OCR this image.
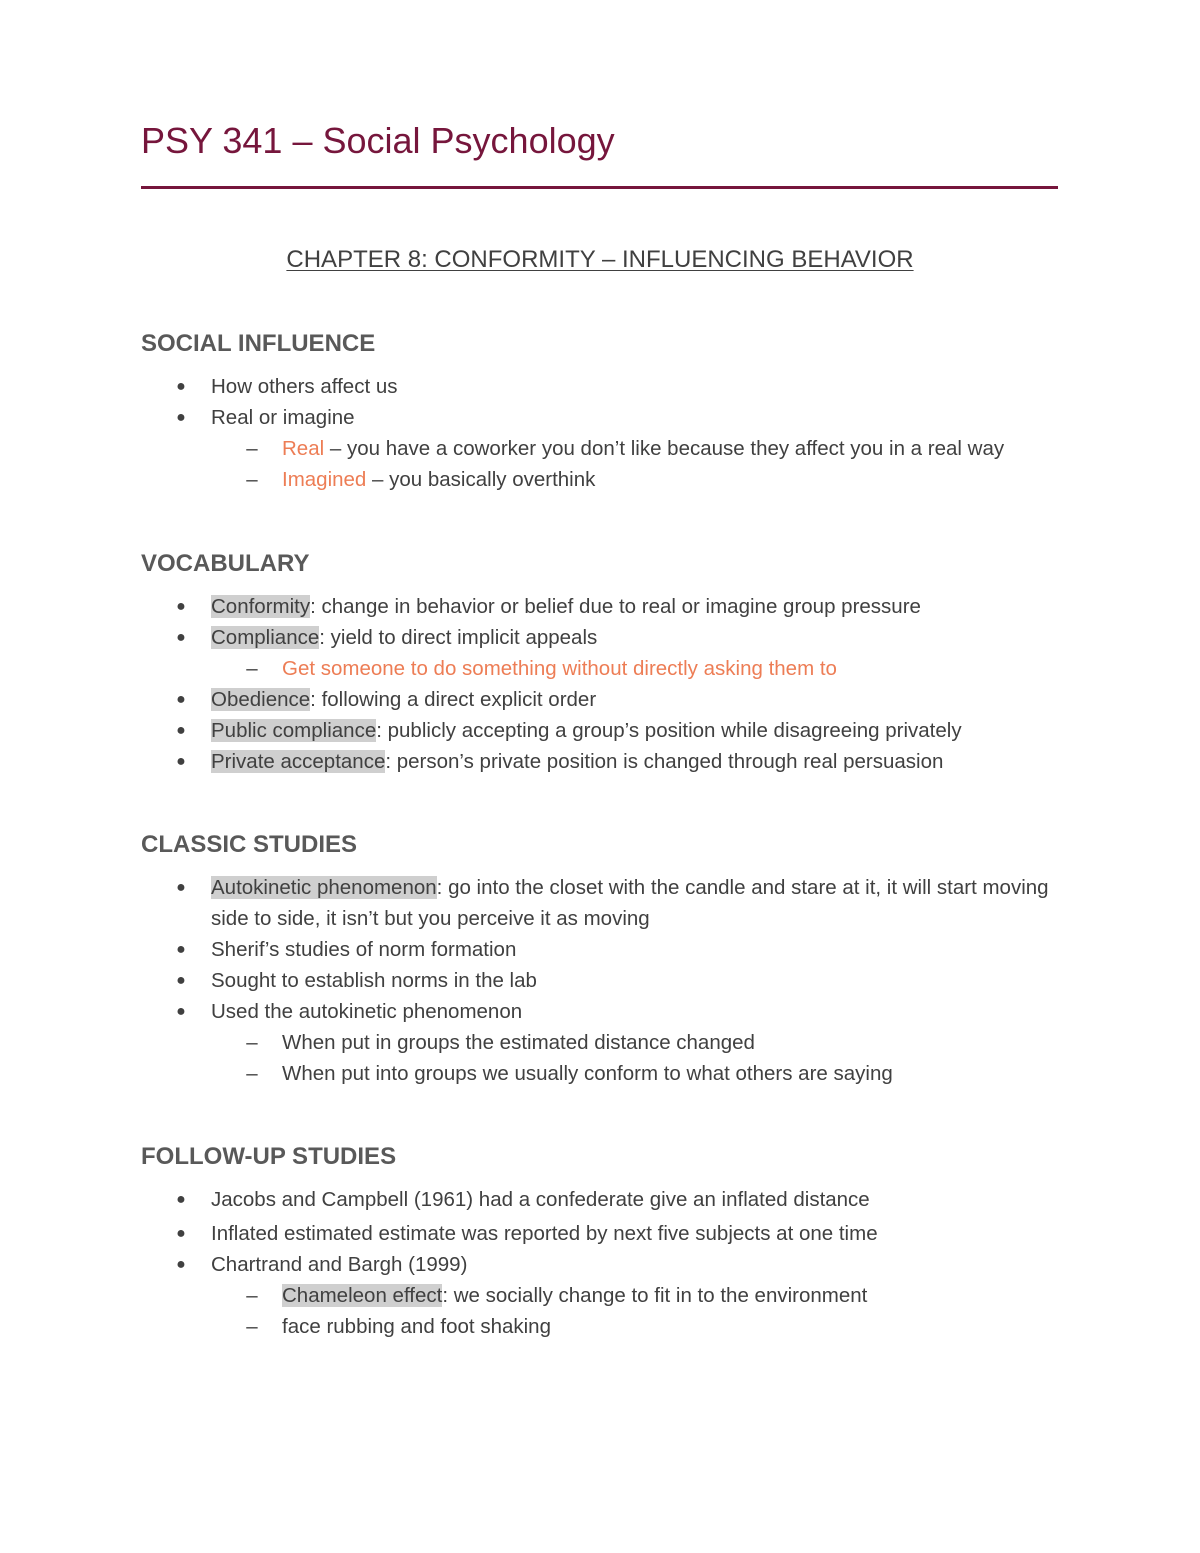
PSY 341 – Social Psychology
CHAPTER 8: CONFORMITY – INFLUENCING BEHAVIOR
SOCIAL INFLUENCE
● How others affect us
● Real or imagine
– Real – you have a coworker you don’t like because they affect you in a real way
– Imagined – you basically overthink
VOCABULARY
● Conformity: change in behavior or belief due to real or imagine group pressure
● Compliance: yield to direct implicit appeals
– Get someone to do something without directly asking them to
● Obedience: following a direct explicit order
● Public compliance: publicly accepting a group’s position while disagreeing privately
● Private acceptance: person’s private position is changed through real persuasion
CLASSIC STUDIES
● Autokinetic phenomenon: go into the closet with the candle and stare at it, it will start moving side to side, it isn’t but you perceive it as moving
● Sherif’s studies of norm formation
● Sought to establish norms in the lab
● Used the autokinetic phenomenon
– When put in groups the estimated distance changed
– When put into groups we usually conform to what others are saying
FOLLOW-UP STUDIES
● Jacobs and Campbell (1961) had a confederate give an inflated distance
● Inflated estimated estimate was reported by next five subjects at one time
● Chartrand and Bargh (1999)
– Chameleon effect: we socially change to fit in to the environment
– face rubbing and foot shaking
